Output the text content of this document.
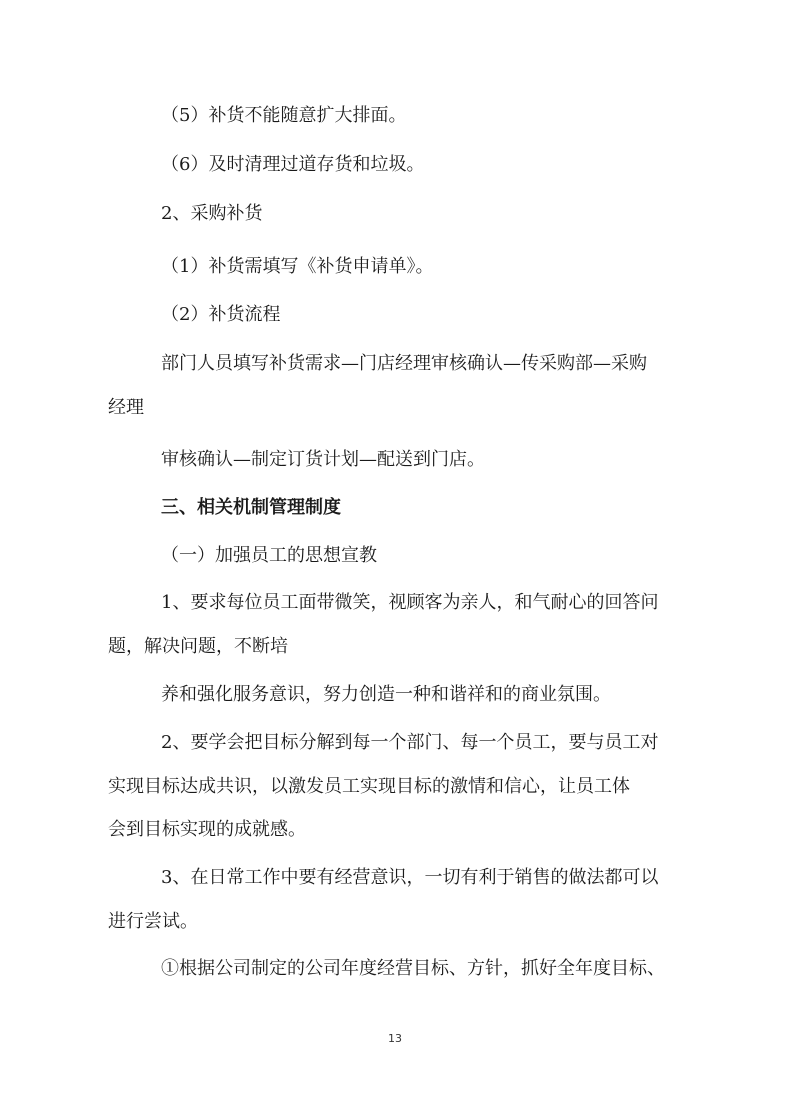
（5）补货不能随意扩大排面。
（6）及时清理过道存货和垃圾。
2、采购补货
（1）补货需填写《补货申请单》。
（2）补货流程
部门人员填写补货需求—门店经理审核确认—传采购部—采购
经理
审核确认—制定订货计划—配送到门店。
三、相关机制管理制度
（一）加强员工的思想宣教
1、要求每位员工面带微笑，视顾客为亲人，和气耐心的回答问
题，解决问题，不断培
养和强化服务意识，努力创造一种和谐祥和的商业氛围。
2、要学会把目标分解到每一个部门、每一个员工，要与员工对
实现目标达成共识，以激发员工实现目标的激情和信心，让员工体
会到目标实现的成就感。
3、在日常工作中要有经营意识，一切有利于销售的做法都可以
进行尝试。
①根据公司制定的公司年度经营目标、方针，抓好全年度目标、
13
